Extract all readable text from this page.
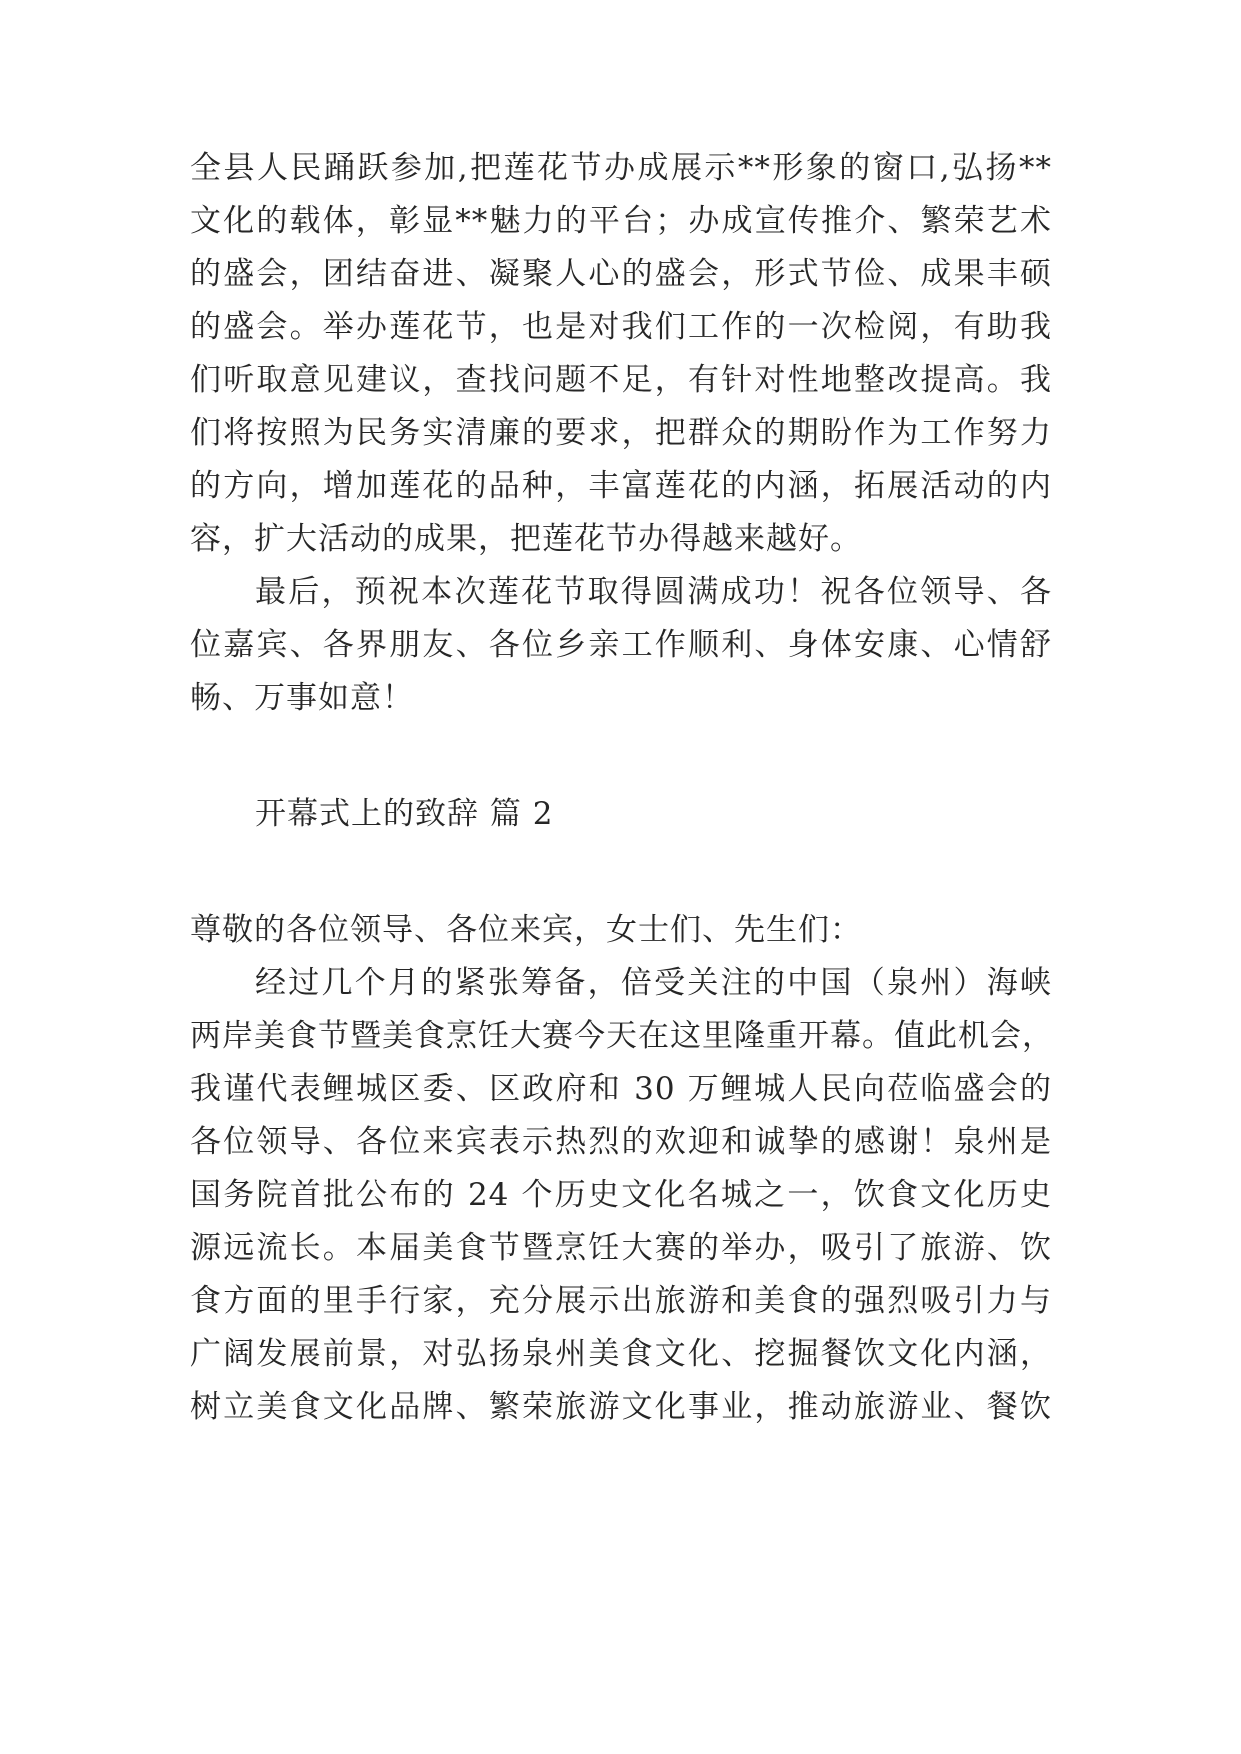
全县人民踊跃参加,把莲花节办成展示**形象的窗口,弘扬**
文化的载体，彰显**魅力的平台；办成宣传推介、繁荣艺术
的盛会，团结奋进、凝聚人心的盛会，形式节俭、成果丰硕
的盛会。举办莲花节，也是对我们工作的一次检阅，有助我
们听取意见建议，查找问题不足，有针对性地整改提高。我
们将按照为民务实清廉的要求，把群众的期盼作为工作努力
的方向，增加莲花的品种，丰富莲花的内涵，拓展活动的内
容，扩大活动的成果，把莲花节办得越来越好。
最后，预祝本次莲花节取得圆满成功！祝各位领导、各
位嘉宾、各界朋友、各位乡亲工作顺利、身体安康、心情舒
畅、万事如意！
开幕式上的致辞 篇 2
尊敬的各位领导、各位来宾，女士们、先生们：
经过几个月的紧张筹备，倍受关注的中国（泉州）海峡
两岸美食节暨美食烹饪大赛今天在这里隆重开幕。值此机会，
我谨代表鲤城区委、区政府和 30 万鲤城人民向莅临盛会的
各位领导、各位来宾表示热烈的欢迎和诚挚的感谢！泉州是
国务院首批公布的 24 个历史文化名城之一，饮食文化历史
源远流长。本届美食节暨烹饪大赛的举办，吸引了旅游、饮
食方面的里手行家，充分展示出旅游和美食的强烈吸引力与
广阔发展前景，对弘扬泉州美食文化、挖掘餐饮文化内涵，
树立美食文化品牌、繁荣旅游文化事业，推动旅游业、餐饮
